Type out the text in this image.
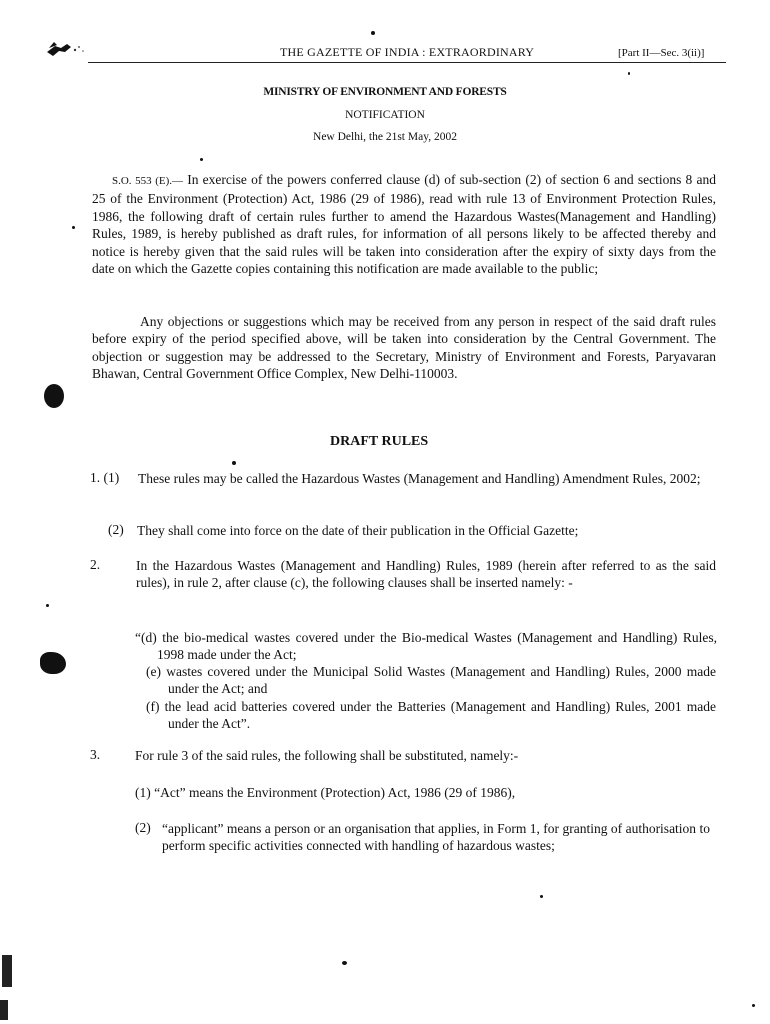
THE GAZETTE OF INDIA : EXTRAORDINARY	[Part II—Sec. 3(ii)]
MINISTRY OF ENVIRONMENT AND FORESTS
NOTIFICATION
New Delhi, the 21st May, 2002
S.O. 553 (E).— In exercise of the powers conferred clause (d) of sub-section (2) of section 6 and sections 8 and 25 of the Environment (Protection) Act, 1986 (29 of 1986), read with rule 13 of Environment Protection Rules, 1986, the following draft of certain rules further to amend the Hazardous Wastes(Management and Handling) Rules, 1989, is hereby published as draft rules, for information of all persons likely to be affected thereby and notice is hereby given that the said rules will be taken into consideration after the expiry of sixty days from the date on which the Gazette copies containing this notification are made available to the public;
Any objections or suggestions which may be received from any person in respect of the said draft rules before expiry of the period specified above, will be taken into consideration by the Central Government. The objection or suggestion may be addressed to the Secretary, Ministry of Environment and Forests, Paryavaran Bhawan, Central Government Office Complex, New Delhi-110003.
DRAFT RULES
1. (1) These rules may be called the Hazardous Wastes (Management and Handling) Amendment Rules, 2002;
(2) They shall come into force on the date of their publication in the Official Gazette;
2.	In the Hazardous Wastes (Management and Handling) Rules, 1989 (herein after referred to as the said rules), in rule 2, after clause (c), the following clauses shall be inserted namely: -
“(d) the bio-medical wastes covered under the Bio-medical Wastes (Management and Handling) Rules, 1998 made under the Act;
(e) wastes covered under the Municipal Solid Wastes (Management and Handling) Rules, 2000 made under the Act; and
(f) the lead acid batteries covered under the Batteries (Management and Handling) Rules, 2001 made under the Act”.
3.	For rule 3 of the said rules, the following shall be substituted, namely:-
(1) “Act” means the Environment (Protection) Act, 1986 (29 of 1986),
(2) “applicant” means a person or an organisation that applies, in Form 1, for granting of authorisation to perform specific activities connected with handling of hazardous wastes;
